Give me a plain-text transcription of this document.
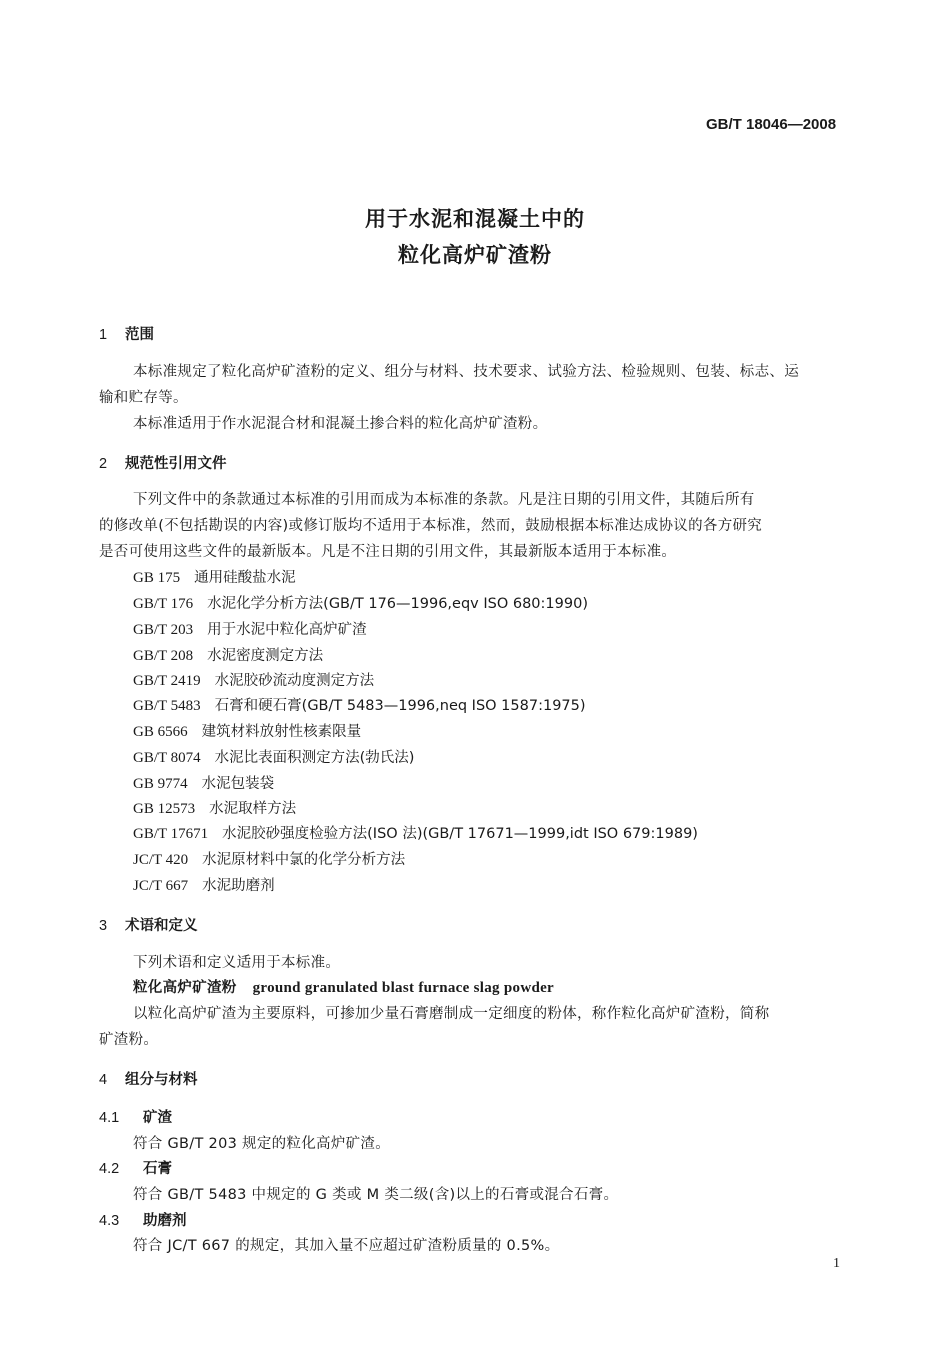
GB/T 18046—2008
用于水泥和混凝土中的
粒化高炉矿渣粉
1 范围
本标准规定了粒化高炉矿渣粉的定义、组分与材料、技术要求、试验方法、检验规则、包装、标志、运
输和贮存等。
本标准适用于作水泥混合材和混凝土掺合料的粒化高炉矿渣粉。
2 规范性引用文件
下列文件中的条款通过本标准的引用而成为本标准的条款。凡是注日期的引用文件，其随后所有
的修改单(不包括勘误的内容)或修订版均不适用于本标准，然而，鼓励根据本标准达成协议的各方研究
是否可使用这些文件的最新版本。凡是不注日期的引用文件，其最新版本适用于本标准。
GB 175 通用硅酸盐水泥
GB/T 176 水泥化学分析方法(GB/T 176—1996,eqv ISO 680:1990)
GB/T 203 用于水泥中粒化高炉矿渣
GB/T 208 水泥密度测定方法
GB/T 2419 水泥胶砂流动度测定方法
GB/T 5483 石膏和硬石膏(GB/T 5483—1996,neq ISO 1587:1975)
GB 6566 建筑材料放射性核素限量
GB/T 8074 水泥比表面积测定方法(勃氏法)
GB 9774 水泥包装袋
GB 12573 水泥取样方法
GB/T 17671 水泥胶砂强度检验方法(ISO 法)(GB/T 17671—1999,idt ISO 679:1989)
JC/T 420 水泥原材料中氯的化学分析方法
JC/T 667 水泥助磨剂
3 术语和定义
下列术语和定义适用于本标准。
粒化高炉矿渣粉 ground granulated blast furnace slag powder
以粒化高炉矿渣为主要原料，可掺加少量石膏磨制成一定细度的粉体，称作粒化高炉矿渣粉，简称
矿渣粉。
4 组分与材料
4.1 矿渣
符合 GB/T 203 规定的粒化高炉矿渣。
4.2 石膏
符合 GB/T 5483 中规定的 G 类或 M 类二级(含)以上的石膏或混合石膏。
4.3 助磨剂
符合 JC/T 667 的规定，其加入量不应超过矿渣粉质量的 0.5%。
1
